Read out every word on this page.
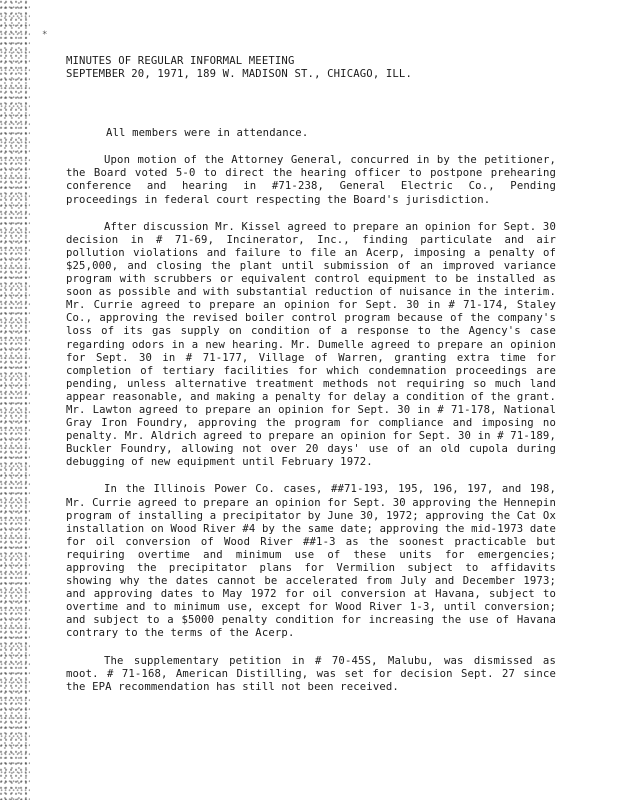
*

MINUTES OF REGULAR INFORMAL MEETING

SEPTEMBER 20, 1971, 189 W. MADISON ST., CHICAGO, ILL.

All members were in attendance.

Upon motion of the Attorney General, concurred in by the petitioner, the Board voted 5-0 to direct the hearing officer to postpone prehearing conference and hearing in #71-238, General Electric Co., Pending proceedings in federal court respecting the Board's jurisdiction.

After discussion Mr. Kissel agreed to prepare an opinion for Sept. 30 decision in # 71-69, Incinerator, Inc., finding particulate and air pollution violations and failure to file an Acerp, imposing a penalty of $25,000, and closing the plant until submission of an improved variance program with scrubbers or equivalent control equipment to be installed as soon as possible and with substantial reduction of nuisance in the interim. Mr. Currie agreed to prepare an opinion for Sept. 30 in # 71-174, Staley Co., approving the revised boiler control program because of the company's loss of its gas supply on condition of a response to the Agency's case regarding odors in a new hearing. Mr. Dumelle agreed to prepare an opinion for Sept. 30 in # 71-177, Village of Warren, granting extra time for completion of tertiary facilities for which condemnation proceedings are pending, unless alternative treatment methods not requiring so much land appear reasonable, and making a penalty for delay a condition of the grant. Mr. Lawton agreed to prepare an opinion for Sept. 30 in # 71-178, National Gray Iron Foundry, approving the program for compliance and imposing no penalty. Mr. Aldrich agreed to prepare an opinion for Sept. 30 in # 71-189, Buckler Foundry, allowing not over 20 days' use of an old cupola during debugging of new equipment until February 1972.

In the Illinois Power Co. cases, ##71-193, 195, 196, 197, and 198, Mr. Currie agreed to prepare an opinion for Sept. 30 approving the Hennepin program of installing a precipitator by June 30, 1972; approving the Cat Ox installation on Wood River #4 by the same date; approving the mid-1973 date for oil conversion of Wood River ##1-3 as the soonest practicable but requiring overtime and minimum use of these units for emergencies; approving the precipitator plans for Vermilion subject to affidavits showing why the dates cannot be accelerated from July and December 1973; and approving dates to May 1972 for oil conversion at Havana, subject to overtime and to minimum use, except for Wood River 1-3, until conversion; and subject to a $5000 penalty condition for increasing the use of Havana contrary to the terms of the Acerp.

The supplementary petition in # 70-45S, Malubu, was dismissed as moot. # 71-168, American Distilling, was set for decision Sept. 27 since the EPA recommendation has still not been received.
